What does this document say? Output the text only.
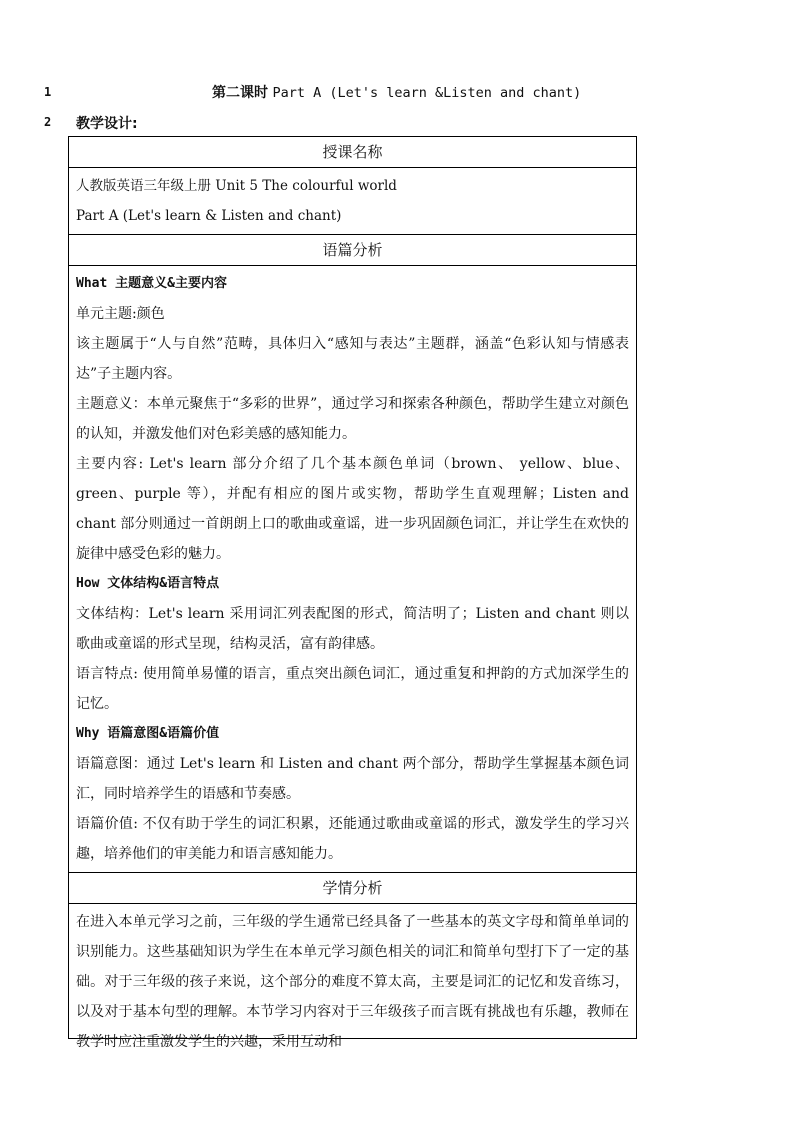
1
2
第二课时 Part A (Let's learn &Listen and chant)
教学设计:
授课名称

人教版英语三年级上册 Unit 5 The colourful world

Part A (Let's learn & Listen and chant)

语篇分析

What 主题意义&主要内容

单元主题:颜色

该主题属于“人与自然”范畴，具体归入“感知与表达”主题群，涵盖“色彩认知与情感表达”子主题内容。

主题意义：本单元聚焦于“多彩的世界”，通过学习和探索各种颜色，帮助学生建立对颜色的认知，并激发他们对色彩美感的感知能力。

主要内容: Let's learn 部分介绍了几个基本颜色单词（brown、 yellow、blue、green、purple 等），并配有相应的图片或实物，帮助学生直观理解；Listen and chant 部分则通过一首朗朗上口的歌曲或童谣，进一步巩固颜色词汇，并让学生在欢快的旋律中感受色彩的魅力。

How 文体结构&语言特点

文体结构：Let's learn 采用词汇列表配图的形式，简洁明了；Listen and chant 则以歌曲或童谣的形式呈现，结构灵活，富有韵律感。

语言特点: 使用简单易懂的语言，重点突出颜色词汇，通过重复和押韵的方式加深学生的记忆。

Why 语篇意图&语篇价值

语篇意图：通过 Let's learn 和 Listen and chant 两个部分，帮助学生掌握基本颜色词汇，同时培养学生的语感和节奏感。

语篇价值: 不仅有助于学生的词汇积累，还能通过歌曲或童谣的形式，激发学生的学习兴趣，培养他们的审美能力和语言感知能力。

学情分析

在进入本单元学习之前，三年级的学生通常已经具备了一些基本的英文字母和简单单词的识别能力。这些基础知识为学生在本单元学习颜色相关的词汇和简单句型打下了一定的基础。对于三年级的孩子来说，这个部分的难度不算太高，主要是词汇的记忆和发音练习，以及对于基本句型的理解。本节学习内容对于三年级孩子而言既有挑战也有乐趣，教师在教学时应注重激发学生的兴趣，采用互动和
